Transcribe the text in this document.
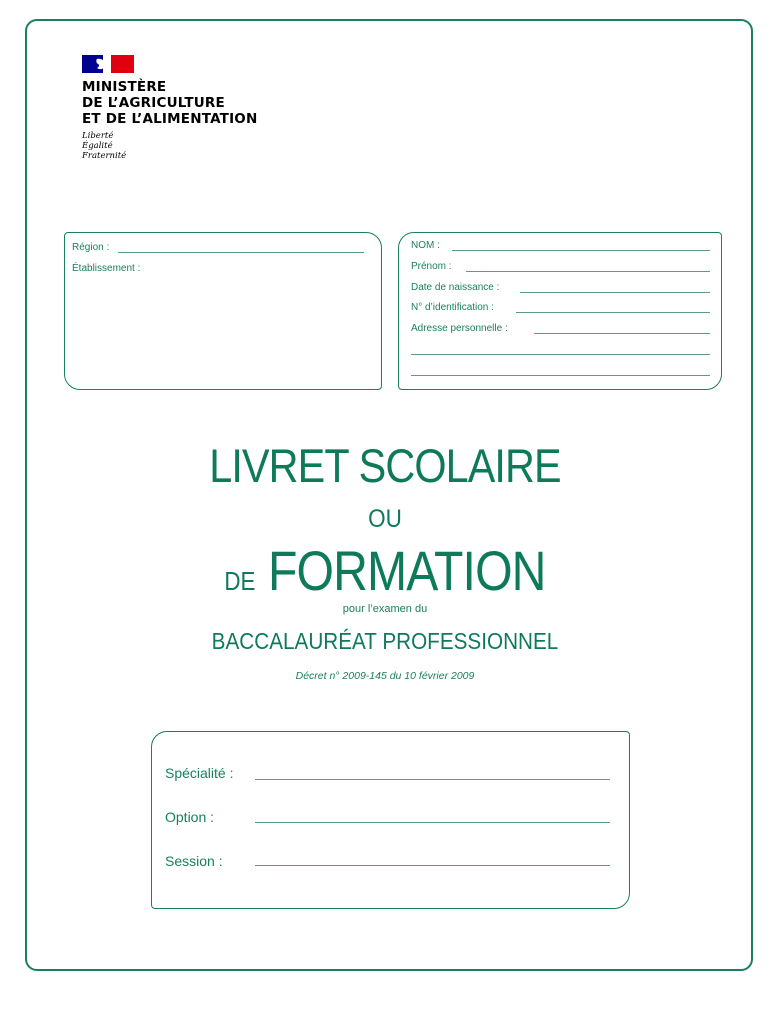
MINISTÈRE
DE L’AGRICULTURE
ET DE L’ALIMENTATION
Liberté
Égalité
Fraternité
Région :
Établissement :
NOM :
Prénom :
Date de naissance :
N° d’identification :
Adresse personnelle :
LIVRET SCOLAIRE
OU
DE FORMATION
pour l’examen du
BACCALAURÉAT PROFESSIONNEL
Décret n° 2009-145 du 10 février 2009
Spécialité :
Option :
Session :
